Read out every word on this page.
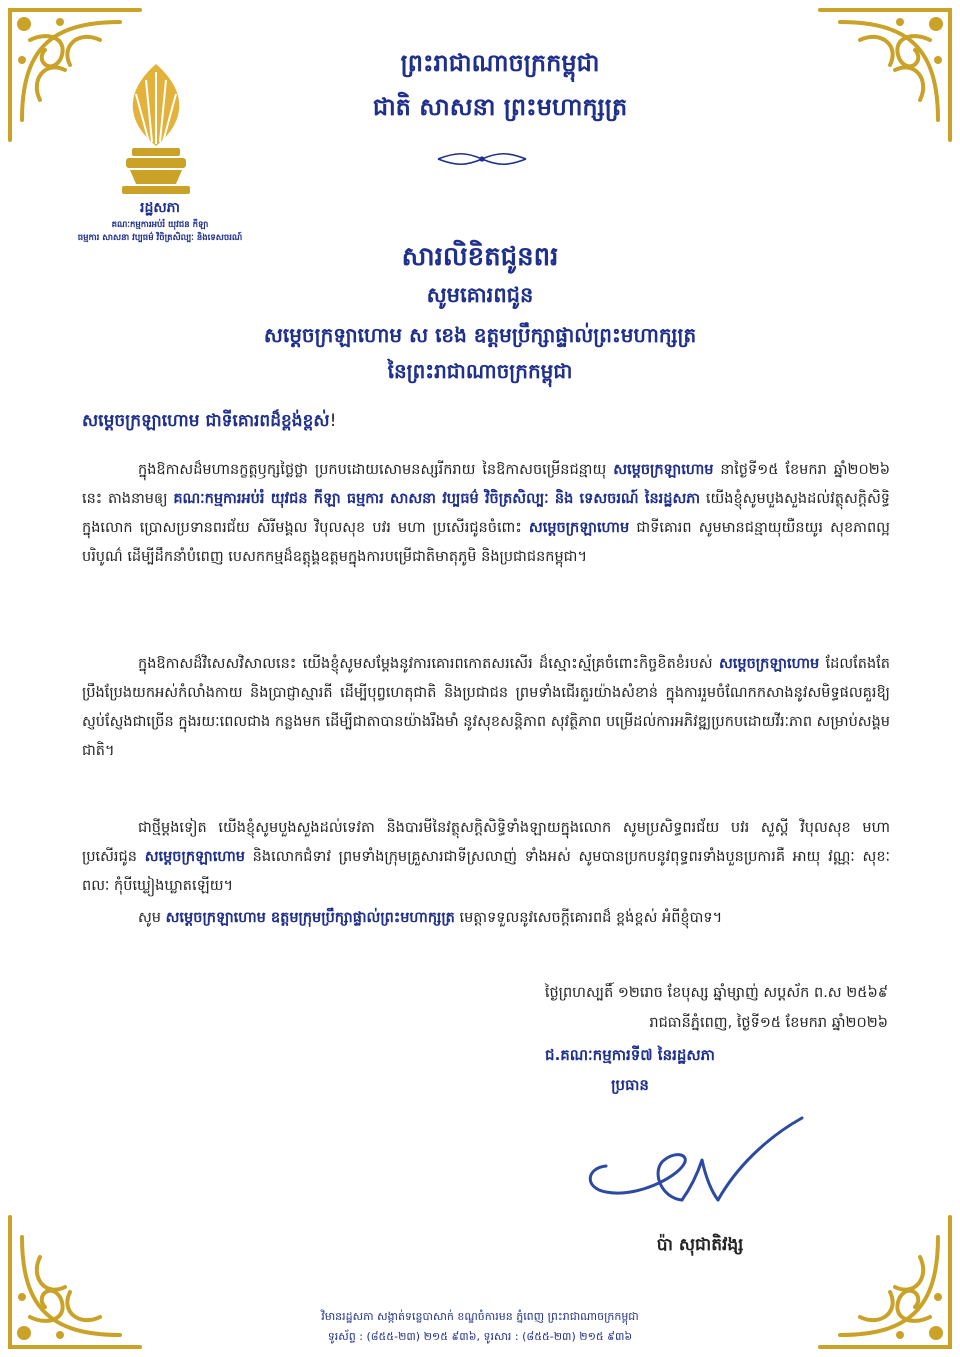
រដ្ឋសភា
គណៈកម្មការអប់រំ យុវជន កីឡា
ធម្មការ សាសនា វប្បធម៌ វិចិត្រសិល្បៈ និងទេសចរណ៍
ព្រះរាជាណាចក្រកម្ពុជា
ជាតិ សាសនា ព្រះមហាក្សត្រ
សារលិខិតជូនពរ
សូមគោរពជូន
សម្តេចក្រឡាហោម ស ខេង ឧត្តមប្រឹក្សាផ្ទាល់ព្រះមហាក្សត្រ
នៃព្រះរាជាណាចក្រកម្ពុជា
សម្តេចក្រឡាហោម ជាទីគោរពដ៏ខ្ពង់ខ្ពស់!
ក្នុងឱកាសដ៏មហានក្ខត្តឫក្សថ្លៃថ្លា ប្រកបដោយសោមនស្សរីករាយ នៃឱកាសចម្រើនជន្មាយុ សម្តេចក្រឡាហោម នាថ្ងៃទី១៥ ខែមករា ឆ្នាំ២០២៦ នេះ តាងនាមឲ្យ គណៈកម្មការអប់រំ យុវជន កីឡា ធម្មការ សាសនា វប្បធម៌ វិចិត្រសិល្បៈ និង ទេសចរណ៍ នៃរដ្ឋសភា យើងខ្ញុំសូមបួងសួងដល់វត្ថុសក្តិសិទ្ធិក្នុងលោក ប្រោសប្រទានពរជ័យ សិរីមង្គល វិបុលសុខ បវរ មហា ប្រសើរជូនចំពោះ សម្តេចក្រឡាហោម ជាទីគោរព សូមមានជន្មាយុយឺនយូរ សុខភាពល្អបរិបូណ៌ ដើម្បីដឹកនាំបំពេញ បេសកកម្មដ៏ឧត្តុង្គឧត្តមក្នុងការបម្រើជាតិមាតុភូមិ និងប្រជាជនកម្ពុជា។
ក្នុងឱកាសដ៏វិសេសវិសាលនេះ យើងខ្ញុំសូមសម្តែងនូវការគោរពកោតសរសើរ ដ៏ស្មោះស្ម័គ្រចំពោះកិច្ចខិតខំរបស់ សម្តេចក្រឡាហោម ដែលតែងតែប្រឹងប្រែងយកអស់កំលាំងកាយ និងប្រាជ្ញាស្មារតី ដើម្បីបុព្វហេតុជាតិ និងប្រជាជន ព្រមទាំងជើរតួរយ៉ាងសំខាន់ ក្នុងការរួមចំណែកកសាងនូវសមិទ្ធផលគួរឱ្យស្ញប់ស្ញែងជាច្រើន ក្នុងរយៈពេលជាង កន្លងមក ដើម្បីជាតាបានយ៉ាងរឹងមាំ នូវសុខសន្តិភាព សុវត្ថិភាព បម្រើដល់ការអភិវឌ្ឍប្រកបដោយវីរៈភាព សម្រាប់សង្គមជាតិ។
ជាថ្មីម្តងទៀត យើងខ្ញុំសូមបួងសួងដល់ទេវតា និងបារមីនៃវត្ថុសក្តិសិទ្ធិទាំងឡាយក្នុងលោក សូមប្រសិទ្ធពរជ័យ បវរ សួស្តី វិបុលសុខ មហាប្រសើរជូន សម្តេចក្រឡាហោម និងលោកជំទាវ ព្រមទាំងក្រុមគ្រួសារជាទីស្រលាញ់ ទាំងអស់ សូមបានប្រកបនូវពុទ្ធពរទាំងបួនប្រការគឺ អាយុ វណ្ណៈ សុខៈ ពលៈ កុំបីឃ្លៀងឃ្លាតឡើយ។
សូម សម្តេចក្រឡាហោម ឧត្តមក្រុមប្រឹក្សាផ្ទាល់ព្រះមហាក្សត្រ មេត្តាទទួលនូវសេចក្តីគោរពដ៏ ខ្ពង់ខ្ពស់ អំពីខ្ញុំបាទ។
ថ្ងៃព្រហស្បតិ៍ ១២រោច ខែបុស្ស ឆ្នាំម្សាញ់ សប្តស័ក ព.ស ២៥៦៩
រាជធានីភ្នំពេញ, ថ្ងៃទី១៥ ខែមករា ឆ្នាំ២០២៦
ជ.គណៈកម្មការទី៧ នៃរដ្ឋសភា
ប្រធាន
ប៉ា សុជាតិវង្ស
វិមានរដ្ឋសភា សង្កាត់ទន្លេបាសាក់ ខណ្ឌចំការមន ភ្នំពេញ ព្រះរាជាណាចក្រកម្ពុជា
ទូរស័ព្ទ : (៨៥៥-២៣) ២១៥ ៩៣៦, ទូរសារ : (៨៥៥-២៣) ២១៥ ៩៣៦
